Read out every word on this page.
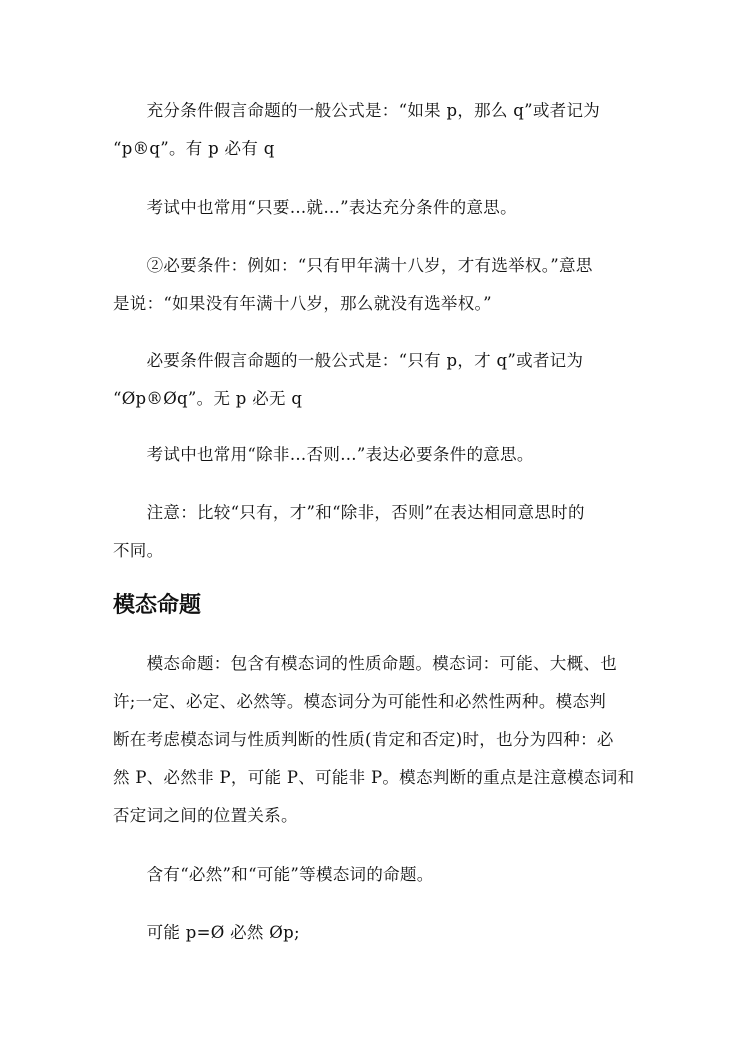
　　充分条件假言命题的一般公式是：“如果 p，那么 q”或者记为
“p®q”。有 p 必有 q
　　考试中也常用“只要…就…”表达充分条件的意思。
　　②必要条件：例如：“只有甲年满十八岁，才有选举权。”意思
是说：“如果没有年满十八岁，那么就没有选举权。”
　　必要条件假言命题的一般公式是：“只有 p，才 q”或者记为
“Øp®Øq”。无 p 必无 q
　　考试中也常用“除非…否则…”表达必要条件的意思。
　　注意：比较“只有，才”和“除非，否则”在表达相同意思时的
不同。
模态命题
　　模态命题：包含有模态词的性质命题。模态词：可能、大概、也
许;一定、必定、必然等。模态词分为可能性和必然性两种。模态判
断在考虑模态词与性质判断的性质(肯定和否定)时，也分为四种：必
然 P、必然非 P，可能 P、可能非 P。模态判断的重点是注意模态词和
否定词之间的位置关系。
　　含有“必然”和“可能”等模态词的命题。
　　可能 p=Ø 必然 Øp;
